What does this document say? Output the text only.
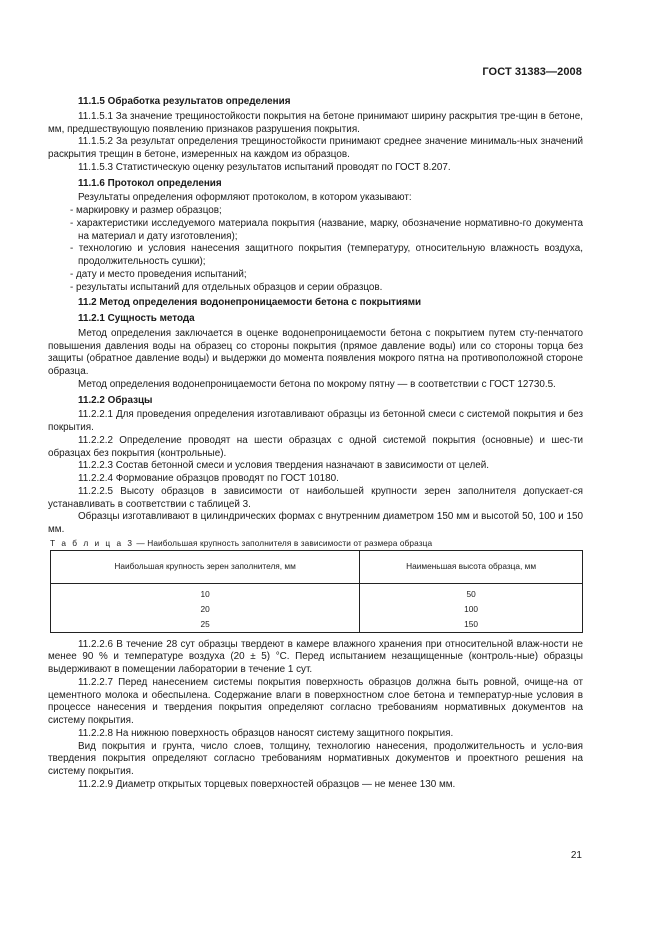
ГОСТ 31383—2008

11.1.5 Обработка результатов определения

11.1.5.1 За значение трещиностойкости покрытия на бетоне принимают ширину раскрытия тре-щин в бетоне, мм, предшествующую появлению признаков разрушения покрытия.

11.1.5.2 За результат определения трещиностойкости принимают среднее значение минималь-ных значений раскрытия трещин в бетоне, измеренных на каждом из образцов.

11.1.5.3 Статистическую оценку результатов испытаний проводят по ГОСТ 8.207.

11.1.6 Протокол определения

Результаты определения оформляют протоколом, в котором указывают:

- маркировку и размер образцов;

- характеристики исследуемого материала покрытия (название, марку, обозначение нормативно-го документа на материал и дату изготовления);

- технологию и условия нанесения защитного покрытия (температуру, относительную влажность воздуха, продолжительность сушки);

- дату и место проведения испытаний;

- результаты испытаний для отдельных образцов и серии образцов.

11.2 Метод определения водонепроницаемости бетона с покрытиями

11.2.1 Сущность метода

Метод определения заключается в оценке водонепроницаемости бетона с покрытием путем сту-пенчатого повышения давления воды на образец со стороны покрытия (прямое давление воды) или со стороны торца без защиты (обратное давление воды) и выдержки до момента появления мокрого пятна на противоположной стороне образца.

Метод определения водонепроницаемости бетона по мокрому пятну — в соответствии с ГОСТ 12730.5.

11.2.2 Образцы

11.2.2.1 Для проведения определения изготавливают образцы из бетонной смеси с системой покрытия и без покрытия.

11.2.2.2 Определение проводят на шести образцах с одной системой покрытия (основные) и шес-ти образцах без покрытия (контрольные).

11.2.2.3 Состав бетонной смеси и условия твердения назначают в зависимости от целей.

11.2.2.4 Формование образцов проводят по ГОСТ 10180.

11.2.2.5 Высоту образцов в зависимости от наибольшей крупности зерен заполнителя допускает-ся устанавливать в соответствии с таблицей 3.

Образцы изготавливают в цилиндрических формах с внутренним диаметром 150 мм и высотой 50, 100 и 150 мм.

Т а б л и ц а 3 — Наибольшая крупность заполнителя в зависимости от размера образца

Наибольшая крупность зерен заполнителя, мм	Наименьшая высота образца, мм
10	50
20	100
25	150

11.2.2.6 В течение 28 сут образцы твердеют в камере влажного хранения при относительной влаж-ности не менее 90 % и температуре воздуха (20 ± 5) °С. Перед испытанием незащищенные (контроль-ные) образцы выдерживают в помещении лаборатории в течение 1 сут.

11.2.2.7 Перед нанесением системы покрытия поверхность образцов должна быть ровной, очище-на от цементного молока и обеспылена. Содержание влаги в поверхностном слое бетона и температур-ные условия в процессе нанесения и твердения покрытия определяют согласно требованиям нормативных документов на систему покрытия.

11.2.2.8 На нижнюю поверхность образцов наносят систему защитного покрытия.

Вид покрытия и грунта, число слоев, толщину, технологию нанесения, продолжительность и усло-вия твердения покрытия определяют согласно требованиям нормативных документов и проектного решения на систему покрытия.

11.2.2.9 Диаметр открытых торцевых поверхностей образцов — не менее 130 мм.

21
